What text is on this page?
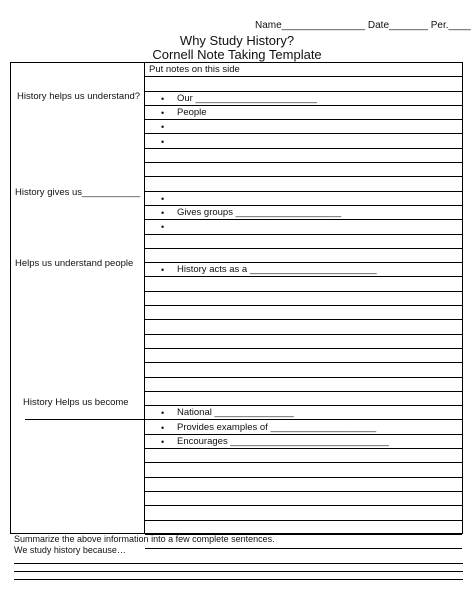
Name_______________ Date_______ Per.____
Why Study History?
Cornell Note Taking Template
History helps us understand?
History gives us___________
Helps us understand people
History Helps us become
Put notes on this side
• Our _______________________
• People
•
•
•
• Gives groups ____________________
•
• History acts as a ________________________
• National _______________
• Provides examples of ____________________
• Encourages ______________________________
Summarize the above information into a few complete sentences.
We study history because…
